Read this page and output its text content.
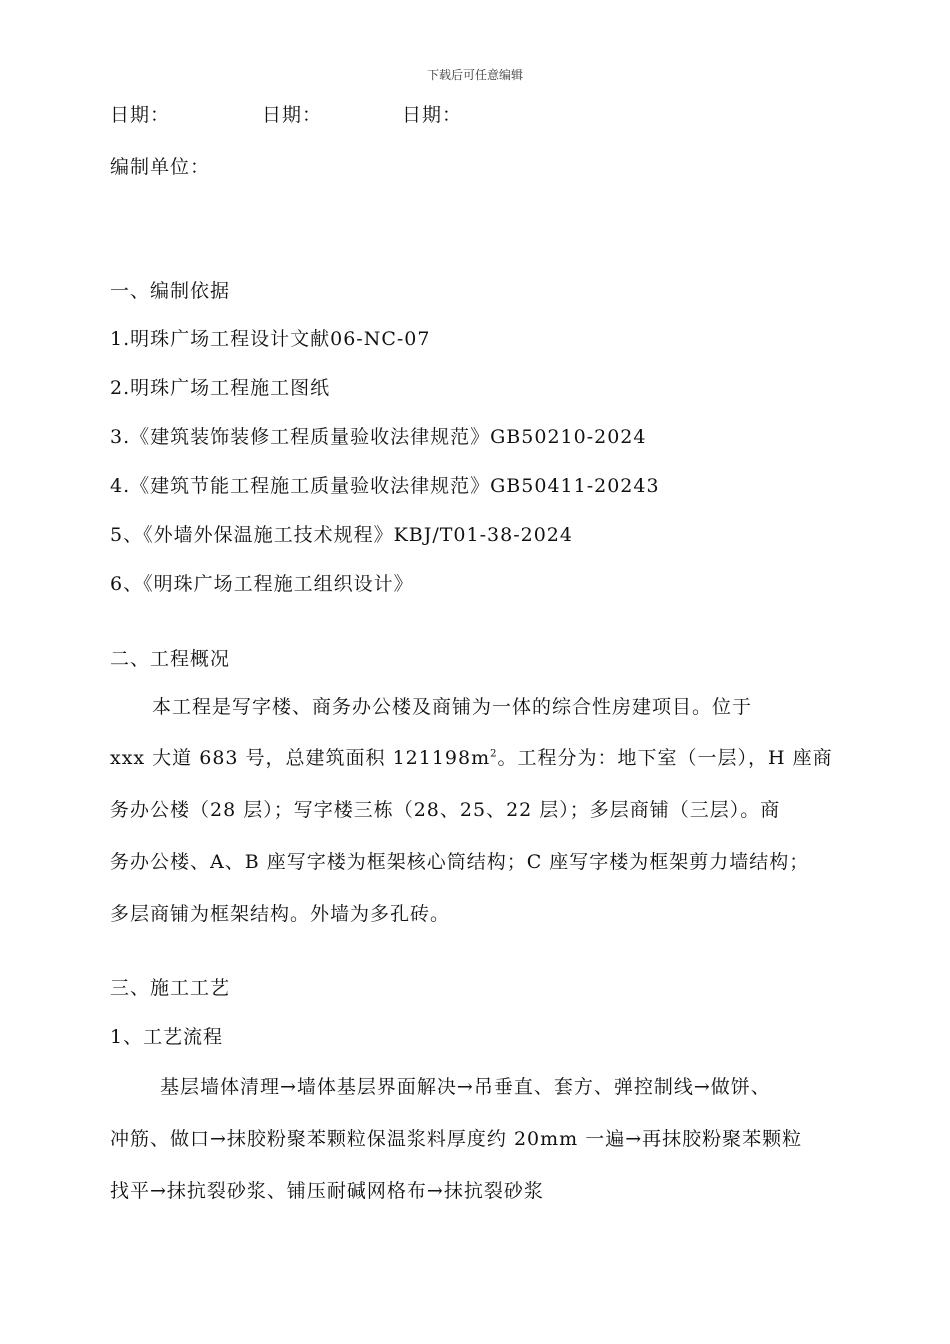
下载后可任意编辑
日期：	日期：	日期：
编制单位：
一、编制依据
1.明珠广场工程设计文献06-NC-07
2.明珠广场工程施工图纸
3.《建筑装饰装修工程质量验收法律规范》GB50210-2024
4.《建筑节能工程施工质量验收法律规范》GB50411-20243
5、《外墙外保温施工技术规程》KBJ/T01-38-2024
6、《明珠广场工程施工组织设计》
二、工程概况
本工程是写字楼、商务办公楼及商铺为一体的综合性房建项目。位于
xxx 大道 683 号，总建筑面积 $121198m^2$。工程分为：地下室（一层），H 座商
务办公楼（28 层）；写字楼三栋（28、25、22 层）；多层商铺（三层）。商
务办公楼、A、B 座写字楼为框架核心筒结构；C 座写字楼为框架剪力墙结构；
多层商铺为框架结构。外墙为多孔砖。
三、施工工艺
1、工艺流程
基层墙体清理→墙体基层界面解决→吊垂直、套方、弹控制线→做饼、
冲筋、做口→抹胶粉聚苯颗粒保温浆料厚度约 20mm 一遍→再抹胶粉聚苯颗粒
找平→抹抗裂砂浆、铺压耐碱网格布→抹抗裂砂浆
